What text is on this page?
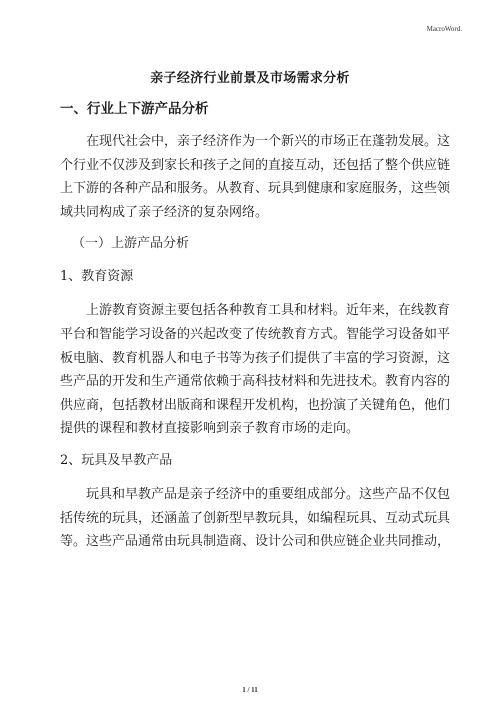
MacroWord.
亲子经济行业前景及市场需求分析
一、行业上下游产品分析

在现代社会中，亲子经济作为一个新兴的市场正在蓬勃发展。这个行业不仅涉及到家长和孩子之间的直接互动，还包括了整个供应链上下游的各种产品和服务。从教育、玩具到健康和家庭服务，这些领域共同构成了亲子经济的复杂网络。

（一）上游产品分析
1、教育资源

上游教育资源主要包括各种教育工具和材料。近年来，在线教育平台和智能学习设备的兴起改变了传统教育方式。智能学习设备如平板电脑、教育机器人和电子书等为孩子们提供了丰富的学习资源，这些产品的开发和生产通常依赖于高科技材料和先进技术。教育内容的供应商，包括教材出版商和课程开发机构，也扮演了关键角色，他们提供的课程和教材直接影响到亲子教育市场的走向。

2、玩具及早教产品

玩具和早教产品是亲子经济中的重要组成部分。这些产品不仅包括传统的玩具，还涵盖了创新型早教玩具，如编程玩具、互动式玩具等。这些产品通常由玩具制造商、设计公司和供应链企业共同推动，

1 / 11
